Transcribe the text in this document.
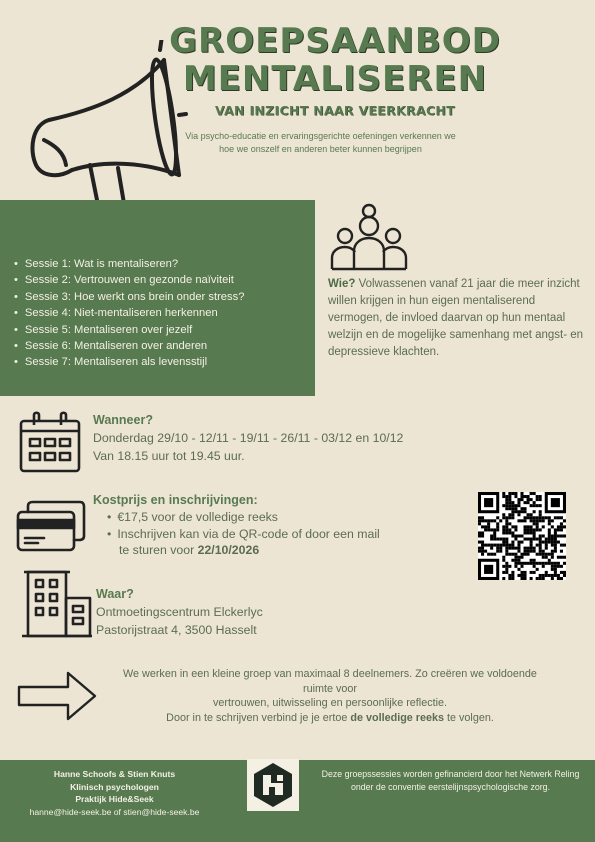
GROEPSAANBOD
MENTALISEREN
VAN INZICHT NAAR VEERKRACHT
Via psycho-educatie en ervaringsgerichte oefeningen verkennen we hoe we onszelf en anderen beter kunnen begrijpen
• Sessie 1: Wat is mentaliseren?
• Sessie 2: Vertrouwen en gezonde naïviteit
• Sessie 3: Hoe werkt ons brein onder stress?
• Sessie 4: Niet-mentaliseren herkennen
• Sessie 5: Mentaliseren over jezelf
• Sessie 6: Mentaliseren over anderen
• Sessie 7: Mentaliseren als levensstijl
Wie? Volwassenen vanaf 21 jaar die meer inzicht willen krijgen in hun eigen mentaliserend vermogen, de invloed daarvan op hun mentaal welzijn en de mogelijke samenhang met angst- en depressieve klachten.
Wanneer?
Donderdag 29/10 - 12/11 - 19/11 - 26/11 - 03/12 en 10/12
Van 18.15 uur tot 19.45 uur.
Kostprijs en inschrijvingen:
• €17,5 voor de volledige reeks
• Inschrijven kan via de QR-code of door een mail
te sturen voor 22/10/2026
Waar?
Ontmoetingscentrum Elckerlyc
Pastorijstraat 4, 3500 Hasselt
We werken in een kleine groep van maximaal 8 deelnemers. Zo creëren we voldoende ruimte voor
vertrouwen, uitwisseling en persoonlijke reflectie.
Door in te schrijven verbind je je ertoe de volledige reeks te volgen.
Hanne Schoofs & Stien Knuts
Klinisch psychologen
Praktijk Hide&Seek
hanne@hide-seek.be of stien@hide-seek.be
Deze groepssessies worden gefinancierd door het Netwerk Reling onder de conventie eerstelijnspsychologische zorg.
